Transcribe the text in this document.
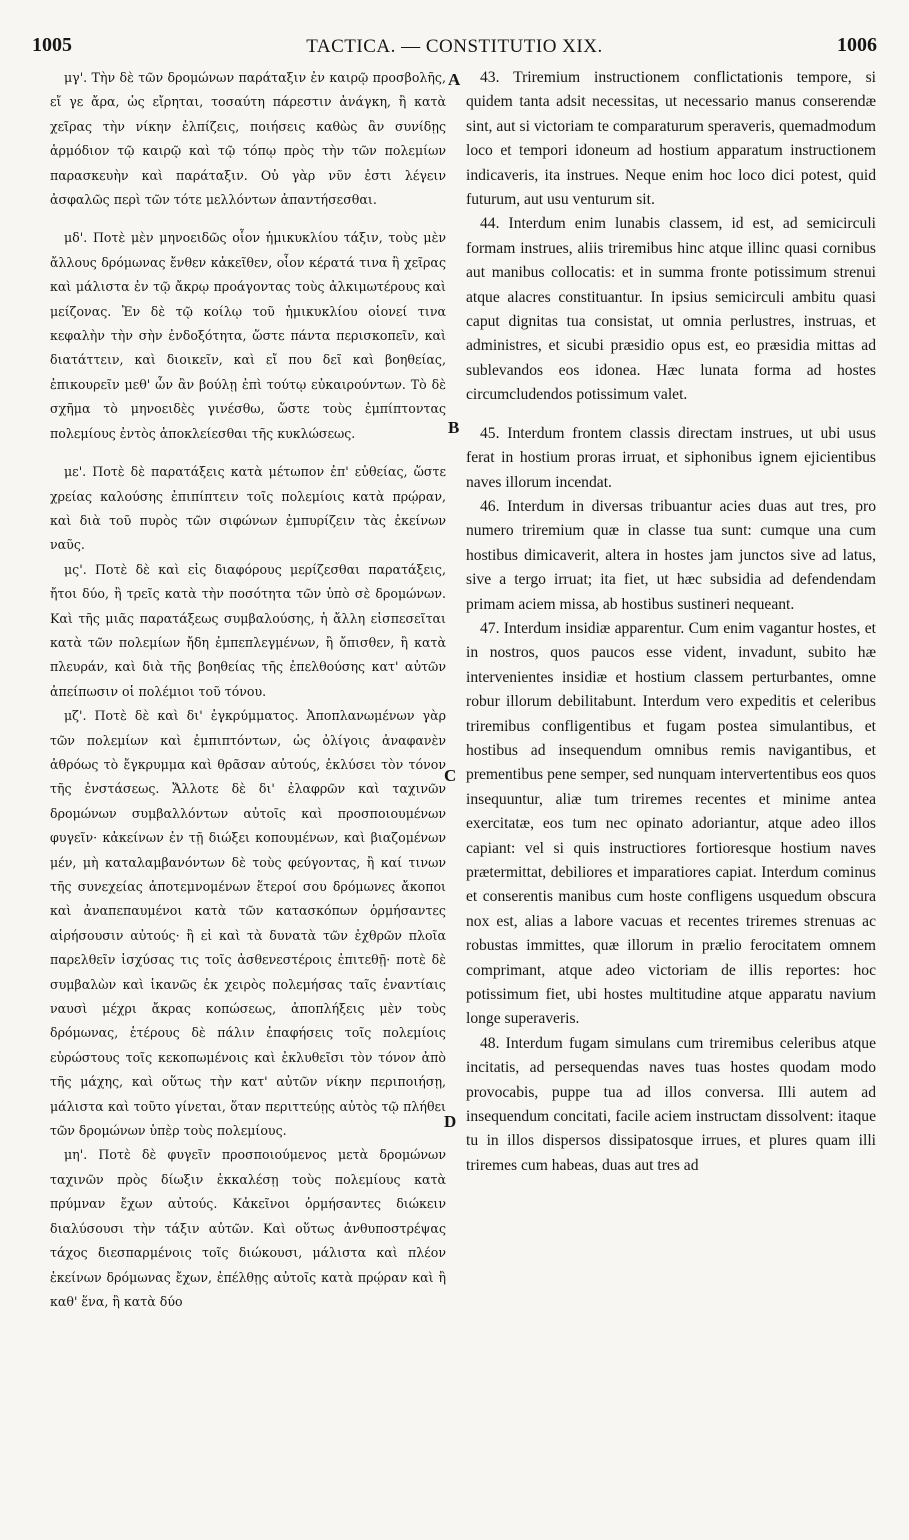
1005	TACTICA. — CONSTITUTIO XIX.	1006

μγ'. Τὴν δὲ τῶν δρομώνων παράταξιν ἐν καιρῷ προσβολῆς, εἴ γε ἄρα, ὡς εἴρηται, τοσαύτη πάρεστιν ἀνάγκη, ἢ κατὰ χεῖρας τὴν νίκην ἐλπίζεις, ποιήσεις καθὼς ἂν συνίδῃς ἁρμόδιον τῷ καιρῷ καὶ τῷ τόπῳ πρὸς τὴν τῶν πολεμίων παρασκευὴν καὶ παράταξιν. Οὐ γὰρ νῦν ἐστι λέγειν ἀσφαλῶς περὶ τῶν τότε μελλόντων ἀπαντήσεσθαι.

μδ'. Ποτὲ μὲν μηνοειδῶς οἷον ἡμικυκλίου τάξιν, τοὺς μὲν ἄλλους δρόμωνας ἔνθεν κἀκεῖθεν, οἷον κέρατά τινα ἢ χεῖρας καὶ μάλιστα ἐν τῷ ἄκρῳ προάγοντας τοὺς ἀλκιμωτέρους καὶ μείζονας. Ἐν δὲ τῷ κοίλῳ τοῦ ἡμικυκλίου οἱονεί τινα κεφαλὴν τὴν σὴν ἐνδοξότητα, ὥστε πάντα περισκοπεῖν, καὶ διατάττειν, καὶ διοικεῖν, καὶ εἴ που δεῖ καὶ βοηθείας, ἐπικουρεῖν μεθ' ὧν ἂν βούλῃ ἐπὶ τούτῳ εὐκαιρούντων. Τὸ δὲ σχῆμα τὸ μηνοειδὲς γινέσθω, ὥστε τοὺς ἐμπίπτοντας πολεμίους ἐντὸς ἀποκλείεσθαι τῆς κυκλώσεως.

με'. Ποτὲ δὲ παρατάξεις κατὰ μέτωπον ἐπ' εὐθείας, ὥστε χρείας καλούσης ἐπιπίπτειν τοῖς πολεμίοις κατὰ πρῴραν, καὶ διὰ τοῦ πυρὸς τῶν σιφώνων ἐμπυρίζειν τὰς ἐκείνων ναῦς.

μς'. Ποτὲ δὲ καὶ εἰς διαφόρους μερίζεσθαι παρατάξεις, ἤτοι δύο, ἢ τρεῖς κατὰ τὴν ποσότητα τῶν ὑπὸ σὲ δρομώνων. Καὶ τῆς μιᾶς παρατάξεως συμβαλούσης, ἡ ἄλλη εἰσπεσεῖται κατὰ τῶν πολεμίων ἤδη ἐμπεπλεγμένων, ἢ ὄπισθεν, ἢ κατὰ πλευράν, καὶ διὰ τῆς βοηθείας τῆς ἐπελθούσης κατ' αὐτῶν ἀπείπωσιν οἱ πολέμιοι τοῦ τόνου.

μζ'. Ποτὲ δὲ καὶ δι' ἐγκρύμματος. Ἀποπλανωμένων γὰρ τῶν πολεμίων καὶ ἐμπιπτόντων, ὡς ὀλίγοις ἀναφανὲν ἀθρόως τὸ ἔγκρυμμα καὶ θρᾶσαν αὐτούς, ἐκλύσει τὸν τόνον τῆς ἐνστάσεως. Ἄλλοτε δὲ δι' ἐλαφρῶν καὶ ταχινῶν δρομώνων συμβαλλόντων αὐτοῖς καὶ προσποιουμένων φυγεῖν· κἀκείνων ἐν τῇ διώξει κοπουμένων, καὶ βιαζομένων μέν, μὴ καταλαμβανόντων δὲ τοὺς φεύγοντας, ἢ καί τινων τῆς συνεχείας ἀποτεμνομένων ἕτεροί σου δρόμωνες ἄκοποι καὶ ἀναπεπαυμένοι κατὰ τῶν κατασκόπων ὁρμήσαντες αἱρήσουσιν αὐτούς· ἢ εἰ καὶ τὰ δυνατὰ τῶν ἐχθρῶν πλοῖα παρελθεῖν ἰσχύσας τις τοῖς ἀσθενεστέροις ἐπιτεθῇ· ποτὲ δὲ συμβαλὼν καὶ ἱκανῶς ἐκ χειρὸς πολεμήσας ταῖς ἐναντίαις ναυσὶ μέχρι ἄκρας κοπώσεως, ἀποπλήξεις μὲν τοὺς δρόμωνας, ἑτέρους δὲ πάλιν ἐπαφήσεις τοῖς πολεμίοις εὑρώστους τοῖς κεκοπωμένοις καὶ ἐκλυθεῖσι τὸν τόνον ἀπὸ τῆς μάχης, καὶ οὕτως τὴν κατ' αὐτῶν νίκην περιποιήσῃ, μάλιστα καὶ τοῦτο γίνεται, ὅταν περιττεύῃς αὐτὸς τῷ πλήθει τῶν δρομώνων ὑπὲρ τοὺς πολεμίους.

μη'. Ποτὲ δὲ φυγεῖν προσποιούμενος μετὰ δρομώνων ταχινῶν πρὸς δίωξιν ἐκκαλέσῃ τοὺς πολεμίους κατὰ πρύμναν ἔχων αὐτούς. Κἀκεῖνοι ὁρμήσαντες διώκειν διαλύσουσι τὴν τάξιν αὐτῶν. Καὶ οὕτως ἀνθυποστρέψας τάχος διεσπαρμένοις τοῖς διώκουσι, μάλιστα καὶ πλέον ἐκείνων δρόμωνας ἔχων, ἐπέλθῃς αὐτοῖς κατὰ πρῴραν καὶ ἢ καθ' ἕνα, ἢ κατὰ δύο

43. Triremium instructionem conflictationis tempore, si quidem tanta adsit necessitas, ut necessario manus conserendæ sint, aut si victoriam te comparaturum speraveris, quemadmodum loco et tempori idoneum ad hostium apparatum instructionem indicaveris, ita instrues. Neque enim hoc loco dici potest, quid futurum, aut usu venturum sit.

44. Interdum enim lunabis classem, id est, ad semicirculi formam instrues, aliis triremibus hinc atque illinc quasi cornibus aut manibus collocatis: et in summa fronte potissimum strenui atque alacres constituantur. In ipsius semicirculi ambitu quasi caput dignitas tua consistat, ut omnia perlustres, instruas, et administres, et sicubi præsidio opus est, eo præsidia mittas ad sublevandos eos idonea. Hæc lunata forma ad hostes circumcludendos potissimum valet.

45. Interdum frontem classis directam instrues, ut ubi usus ferat in hostium proras irruat, et siphonibus ignem ejicientibus naves illorum incendat.

46. Interdum in diversas tribuantur acies duas aut tres, pro numero triremium quæ in classe tua sunt: cumque una cum hostibus dimicaverit, altera in hostes jam junctos sive ad latus, sive a tergo irruat; ita fiet, ut hæc subsidia ad defendendam primam aciem missa, ab hostibus sustineri nequeant.

47. Interdum insidiæ apparentur. Cum enim vagantur hostes, et in nostros, quos paucos esse vident, invadunt, subito hæ intervenientes insidiæ et hostium classem perturbantes, omne robur illorum debilitabunt. Interdum vero expeditis et celeribus triremibus confligentibus et fugam postea simulantibus, et hostibus ad insequendum omnibus remis navigantibus, et prementibus pene semper, sed nunquam intervertentibus eos quos insequuntur, aliæ tum triremes recentes et minime antea exercitatæ, eos tum nec opinato adoriantur, atque adeo illos capiant: vel si quis instructiores fortioresque hostium naves prætermittat, debiliores et imparatiores capiat. Interdum cominus et conserentis manibus cum hoste confligens usquedum obscura nox est, alias a labore vacuas et recentes triremes strenuas ac robustas immittes, quæ illorum in prælio ferocitatem omnem comprimant, atque adeo victoriam de illis reportes: hoc potissimum fiet, ubi hostes multitudine atque apparatu navium longe superaveris.

48. Interdum fugam simulans cum triremibus celeribus atque incitatis, ad persequendas naves tuas hostes quodam modo provocabis, puppe tua ad illos conversa. Illi autem ad insequendum concitati, facile aciem instructam dissolvent: itaque tu in illos dispersos dissipatosque irrues, et plures quam illi triremes cum habeas, duas aut tres ad

A
B
C
D
